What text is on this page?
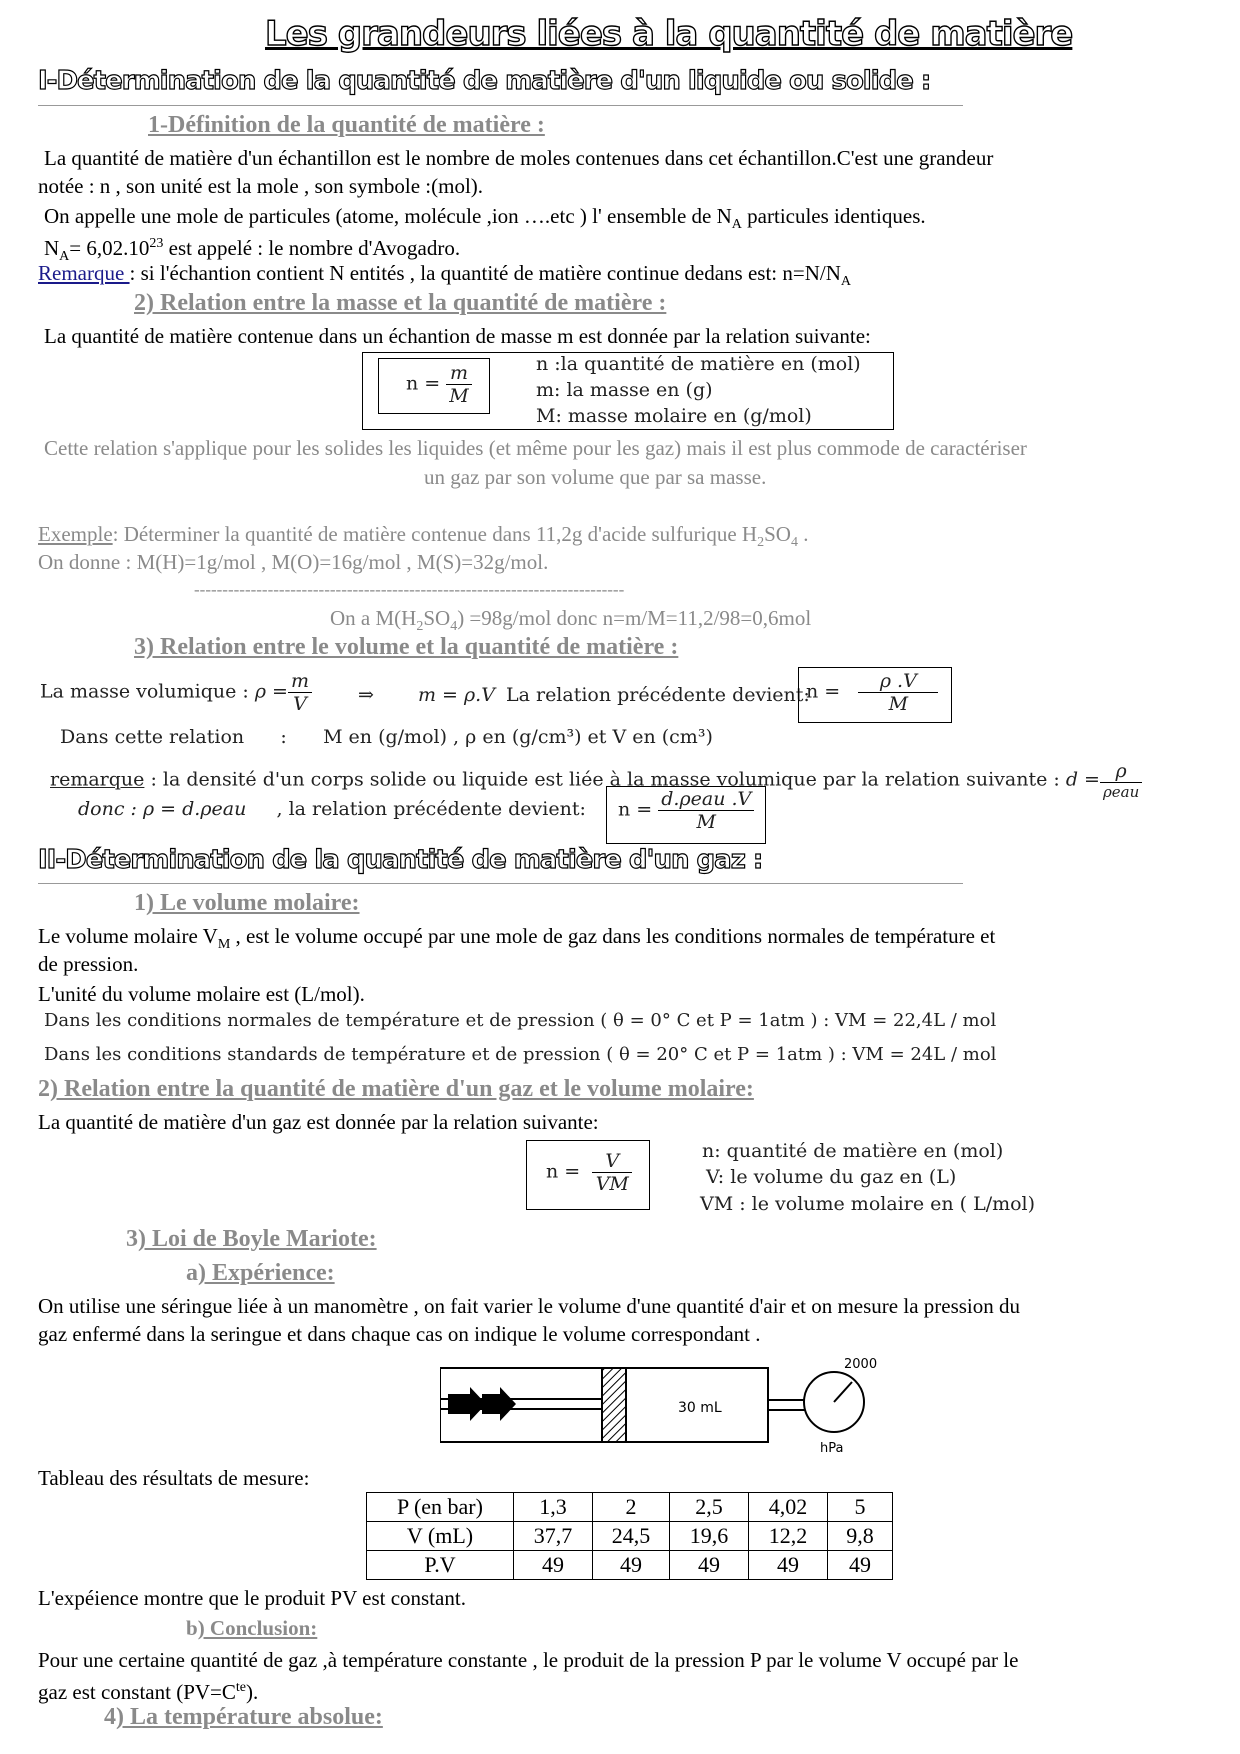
Les grandeurs liées à la quantité de matière
I-Détermination de la quantité de matière d'un liquide ou solide :
1-Définition de la quantité de matière :
La quantité de matière d'un échantillon est le nombre de moles contenues dans cet échantillon.C'est une grandeur
notée : n , son unité est la mole , son symbole :(mol).
On appelle une mole de particules (atome, molécule ,ion ….etc ) l' ensemble de $N_A$ particules identiques.
$N_A= 6,02.10^{23}$ est appelé : le nombre d'Avogadro.
Remarque : si l'échantion contient N entités , la quantité de matière continue dedans est: $n=N/N_A$
2) Relation entre la masse et la quantité de matière :
La quantité de matière contenue dans un échantion de masse m est donnée par la relation suivante:
$n = \frac{m}{M}$	n :la quantité de matière en (mol)
m: la masse en (g)
M: masse molaire en (g/mol)
Cette relation s'applique pour les solides les liquides (et même pour les gaz) mais il est plus commode de caractériser
un gaz par son volume que par sa masse.
Exemple: Déterminer la quantité de matière contenue dans 11,2g d'acide sulfurique $H_2SO_4$ .
On donne : M(H)=1g/mol , M(O)=16g/mol , M(S)=32g/mol.
----------------------------------------------------------------------------
On a $M(H_2SO_4) =98g/mol$ donc n=m/M=11,2/98=0,6mol
3) Relation entre le volume et la quantité de matière :
La masse volumique : $\rho = \frac{m}{V}$ ⇒ m = ρ.V La relation précédente devient:
$n = \frac{\rho .V}{M}$
Dans cette relation : M en (g/mol) , ρ en (g/cm³) et V en (cm³)
remarque : la densité d'un corps solide ou liquide est liée à la masse volumique par la relation suivante : $d = \frac{\rho}{\text{ρeau}}$
donc : ρ = d.ρeau , la relation précédente devient: $n = \frac{\text{d.ρeau .V}}{M}$
II-Détermination de la quantité de matière d'un gaz :
1) Le volume molaire:
Le volume molaire $V_M$ , est le volume occupé par une mole de gaz dans les conditions normales de température et
de pression.
L'unité du volume molaire est (L/mol).
Dans les conditions normales de température et de pression ( θ = 0° C et P = 1atm ) : VM = 22,4L / mol
Dans les conditions standards de température et de pression ( θ = 20° C et P = 1atm ) : VM = 24L / mol
2) Relation entre la quantité de matière d'un gaz et le volume molaire:
La quantité de matière d'un gaz est donnée par la relation suivante:
$n = \frac{V}{VM}$	n: quantité de matière en (mol)
V: le volume du gaz en (L)
VM : le volume molaire en ( L/mol)
3) Loi de Boyle Mariote:
a) Expérience:
On utilise une séringue liée à un manomètre , on fait varier le volume d'une quantité d'air et on mesure la pression du
gaz enfermé dans la seringue et dans chaque cas on indique le volume correspondant .
30 mL
2000
hPa
Tableau des résultats de mesure:
P (en bar)	1,3	2	2,5	4,02	5
V (mL)	37,7	24,5	19,6	12,2	9,8
P.V	49	49	49	49	49
L'expéience montre que le produit PV est constant.
b) Conclusion:
Pour une certaine quantité de gaz ,à température constante , le produit de la pression P par le volume V occupé par le
gaz est constant $(PV=C^{te})$.
4) La température absolue:
